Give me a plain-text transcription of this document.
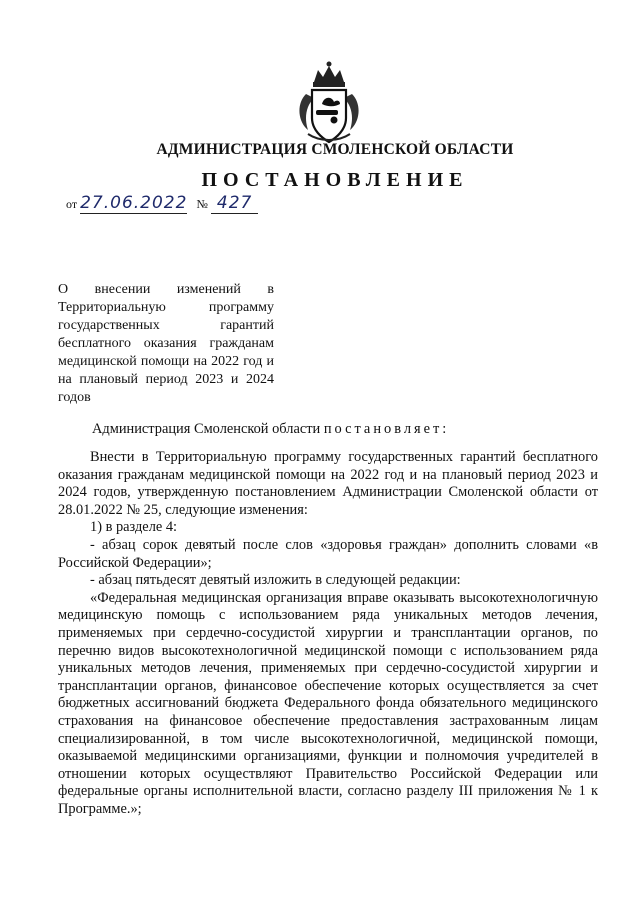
АДМИНИСТРАЦИЯ СМОЛЕНСКОЙ ОБЛАСТИ
ПОСТАНОВЛЕНИЕ
от 27.06.2022 № 427
О внесении изменений в Территориальную программу государственных гарантий бесплатного оказания гражданам медицинской помощи на 2022 год и на плановый период 2023 и 2024 годов
Администрация Смоленской области постановляет:

Внести в Территориальную программу государственных гарантий бесплатного оказания гражданам медицинской помощи на 2022 год и на плановый период 2023 и 2024 годов, утвержденную постановлением Администрации Смоленской области от 28.01.2022 № 25, следующие изменения:

1) в разделе 4:

- абзац сорок девятый после слов «здоровья граждан» дополнить словами «в Российской Федерации»;

- абзац пятьдесят девятый изложить в следующей редакции:

«Федеральная медицинская организация вправе оказывать высокотехнологичную медицинскую помощь с использованием ряда уникальных методов лечения, применяемых при сердечно-сосудистой хирургии и трансплантации органов, по перечню видов высокотехнологичной медицинской помощи с использованием ряда уникальных методов лечения, применяемых при сердечно-сосудистой хирургии и трансплантации органов, финансовое обеспечение которых осуществляется за счет бюджетных ассигнований бюджета Федерального фонда обязательного медицинского страхования на финансовое обеспечение предоставления застрахованным лицам специализированной, в том числе высокотехнологичной, медицинской помощи, оказываемой медицинскими организациями, функции и полномочия учредителей в отношении которых осуществляют Правительство Российской Федерации или федеральные органы исполнительной власти, согласно разделу III приложения № 1 к Программе.»;
